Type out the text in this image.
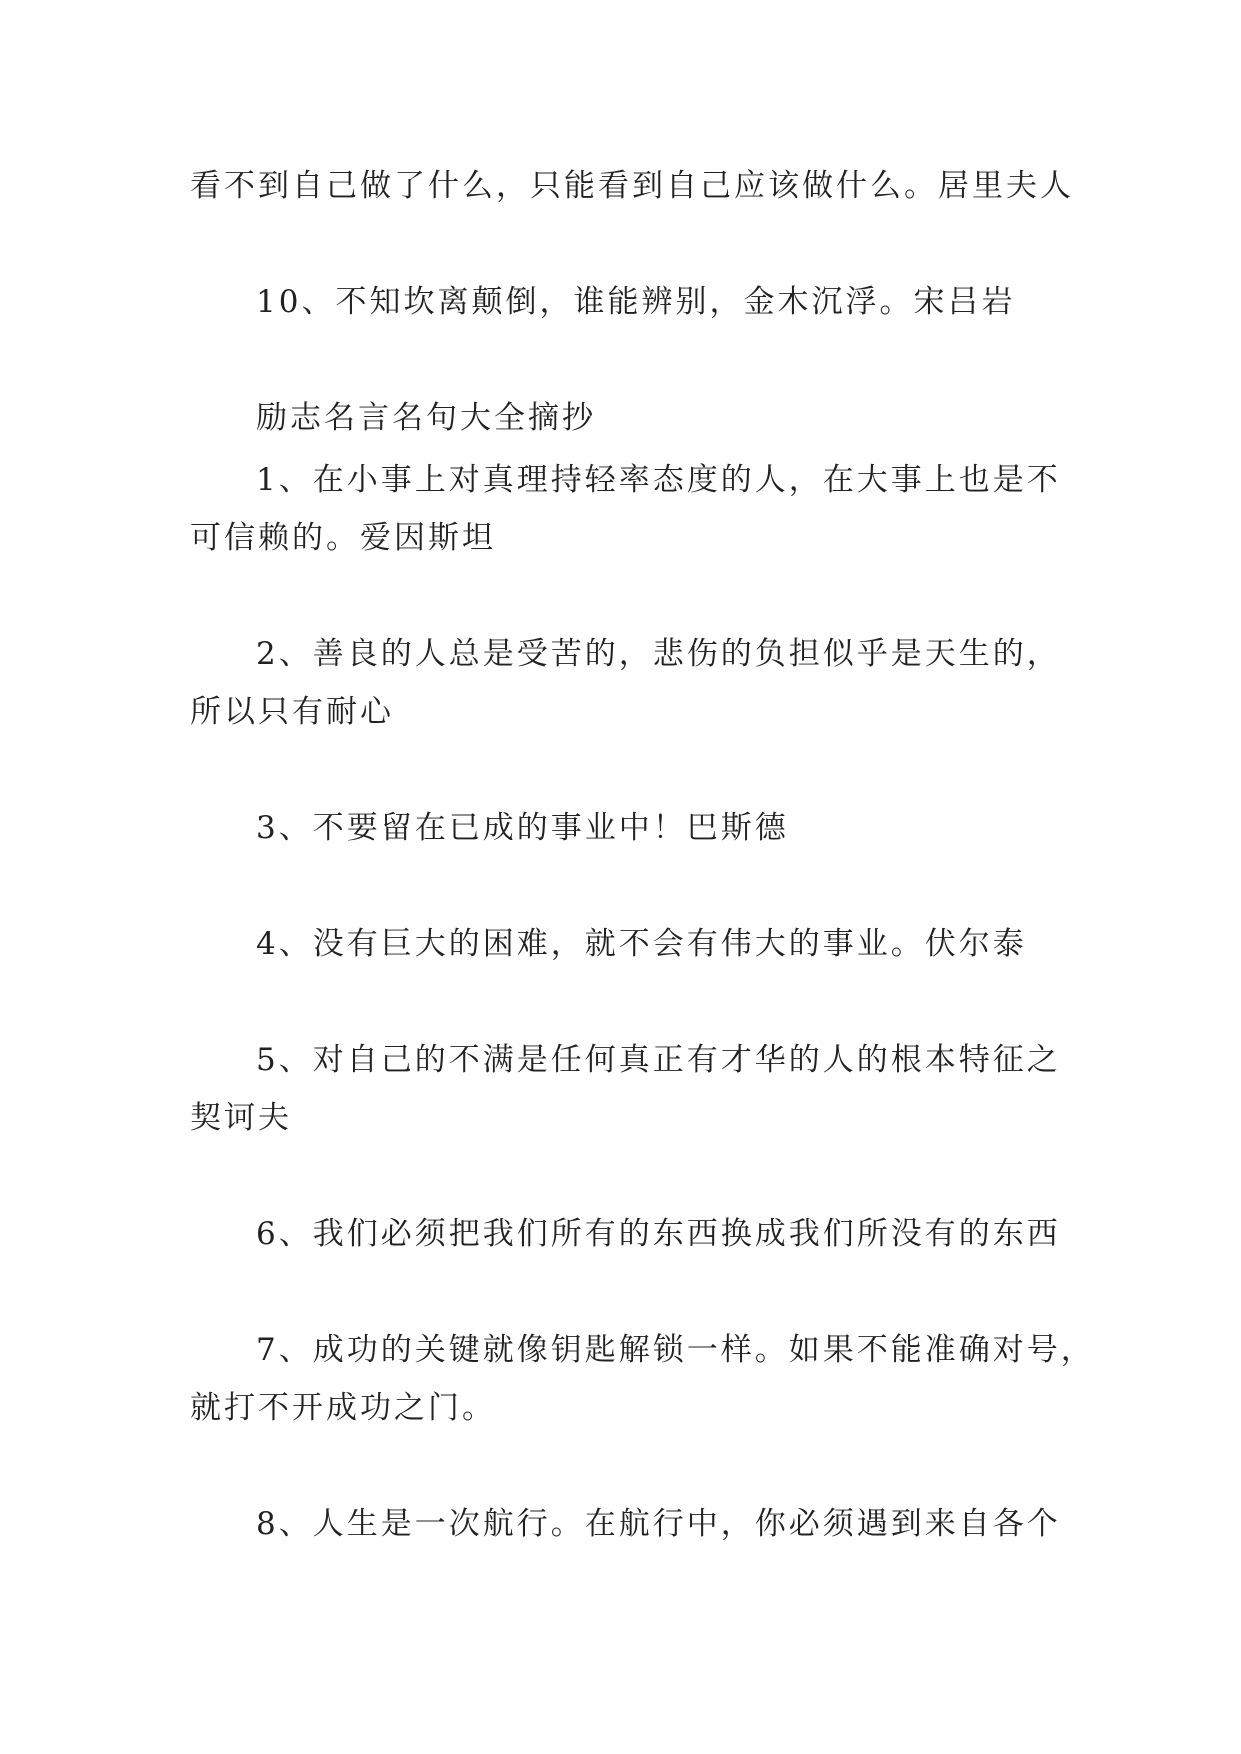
看不到自己做了什么，只能看到自己应该做什么。居里夫人

10、不知坎离颠倒，谁能辨别，金木沉浮。宋吕岩

励志名言名句大全摘抄

1、在小事上对真理持轻率态度的人，在大事上也是不

可信赖的。爱因斯坦

2、善良的人总是受苦的，悲伤的负担似乎是天生的，

所以只有耐心

3、不要留在已成的事业中！巴斯德

4、没有巨大的困难，就不会有伟大的事业。伏尔泰

5、对自己的不满是任何真正有才华的人的根本特征之

契诃夫

6、我们必须把我们所有的东西换成我们所没有的东西

7、成功的关键就像钥匙解锁一样。如果不能准确对号，

就打不开成功之门。

8、人生是一次航行。在航行中，你必须遇到来自各个
